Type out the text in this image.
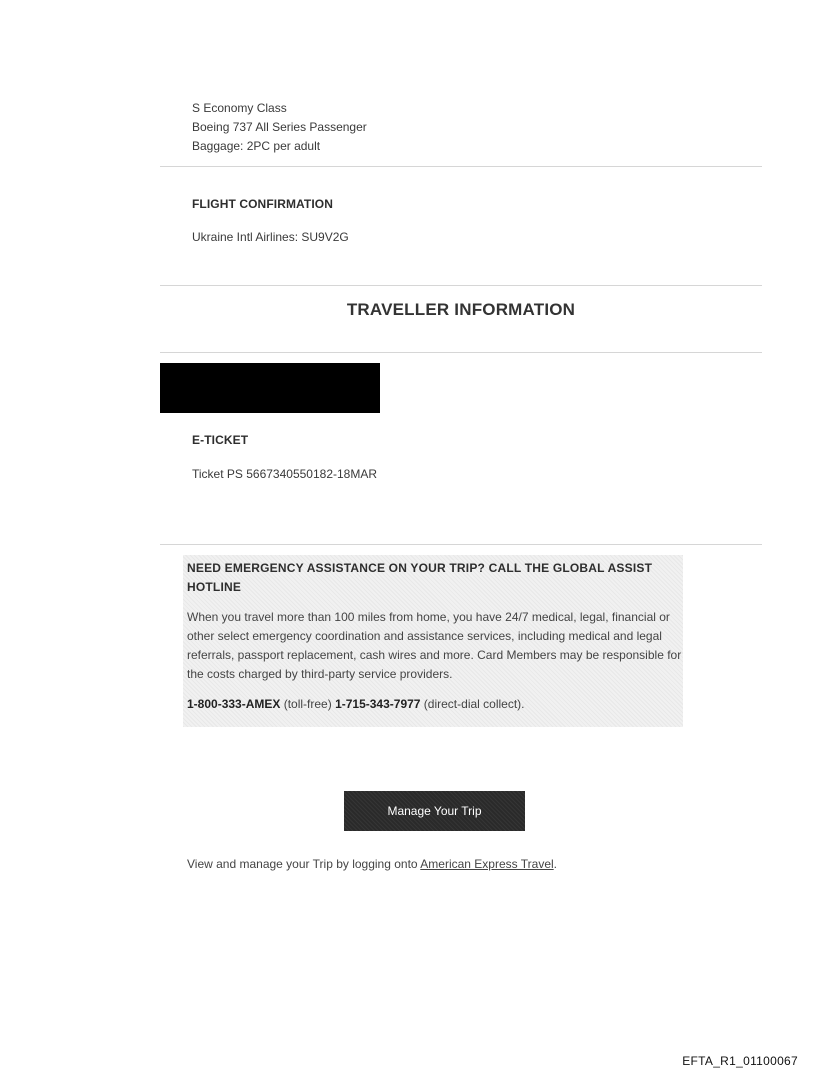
S Economy Class
Boeing 737 All Series Passenger
Baggage: 2PC per adult
FLIGHT CONFIRMATION
Ukraine Intl Airlines: SU9V2G
TRAVELLER INFORMATION
E-TICKET
Ticket PS 5667340550182-18MAR
NEED EMERGENCY ASSISTANCE ON YOUR TRIP? CALL THE GLOBAL ASSIST HOTLINE
When you travel more than 100 miles from home, you have 24/7 medical, legal, financial or other select emergency coordination and assistance services, including medical and legal referrals, passport replacement, cash wires and more. Card Members may be responsible for the costs charged by third-party service providers.
1-800-333-AMEX (toll-free) 1-715-343-7977 (direct-dial collect).
Manage Your Trip
View and manage your Trip by logging onto American Express Travel.
EFTA_R1_01100067
